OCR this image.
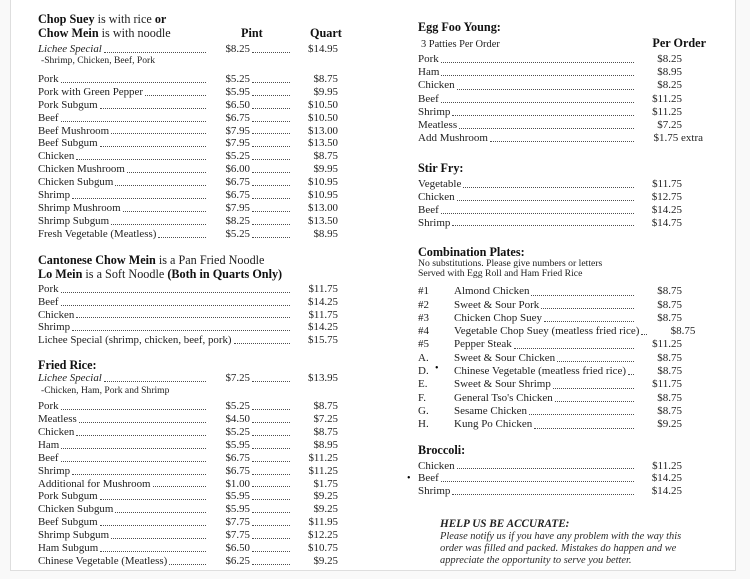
Chop Suey is with rice or
Chow Mein is with noodle	Pint	Quart
Lichee Special	$8.25	$14.95
-Shrimp, Chicken, Beef, Pork
Pork	$5.25	$8.75
Pork with Green Pepper	$5.95	$9.95
Pork Subgum	$6.50	$10.50
Beef	$6.75	$10.50
Beef Mushroom	$7.95	$13.00
Beef Subgum	$7.95	$13.50
Chicken	$5.25	$8.75
Chicken Mushroom	$6.00	$9.95
Chicken Subgum	$6.75	$10.95
Shrimp	$6.75	$10.95
Shrimp Mushroom	$7.95	$13.00
Shrimp Subgum	$8.25	$13.50
Fresh Vegetable (Meatless)	$5.25	$8.95
Cantonese Chow Mein is a Pan Fried Noodle
Lo Mein is a Soft Noodle (Both in Quarts Only)
Pork	$11.75
Beef	$14.25
Chicken	$11.75
Shrimp	$14.25
Lichee Special (shrimp, chicken, beef, pork)	$15.75
Fried Rice:
Lichee Special	$7.25	$13.95
-Chicken, Ham, Pork and Shrimp
Pork	$5.25	$8.75
Meatless	$4.50	$7.25
Chicken	$5.25	$8.75
Ham	$5.95	$8.95
Beef	$6.75	$11.25
Shrimp	$6.75	$11.25
Additional for Mushroom	$1.00	$1.75
Pork Subgum	$5.95	$9.25
Chicken Subgum	$5.95	$9.25
Beef Subgum	$7.75	$11.95
Shrimp Subgum	$7.75	$12.25
Ham Subgum	$6.50	$10.75
Chinese Vegetable (Meatless)	$6.25	$9.25
Egg Foo Young:
3 Patties Per Order	Per Order
Pork	$8.25
Ham	$8.95
Chicken	$8.25
Beef	$11.25
Shrimp	$11.25
Meatless	$7.25
Add Mushroom	$1.75 extra
Stir Fry:
Vegetable	$11.75
Chicken	$12.75
Beef	$14.25
Shrimp	$14.75
Combination Plates:
No substitutions. Please give numbers or letters
Served with Egg Roll and Ham Fried Rice
#1	Almond Chicken	$8.75
#2	Sweet & Sour Pork	$8.75
#3	Chicken Chop Suey	$8.75
#4	Vegetable Chop Suey (meatless fried rice)	$8.75
#5	Pepper Steak	$11.25
A.	Sweet & Sour Chicken	$8.75
D. • Chinese Vegetable (meatless fried rice)	$8.75
E.	Sweet & Sour Shrimp	$11.75
F.	General Tso's Chicken	$8.75
G.	Sesame Chicken	$8.75
H.	Kung Po Chicken	$9.25
Broccoli:
Chicken	$11.25
• Beef	$14.25
Shrimp	$14.25
HELP US BE ACCURATE:
Please notify us if you have any problem with the way this order was filled and packed. Mistakes do happen and we appreciate the opportunity to serve you better.
